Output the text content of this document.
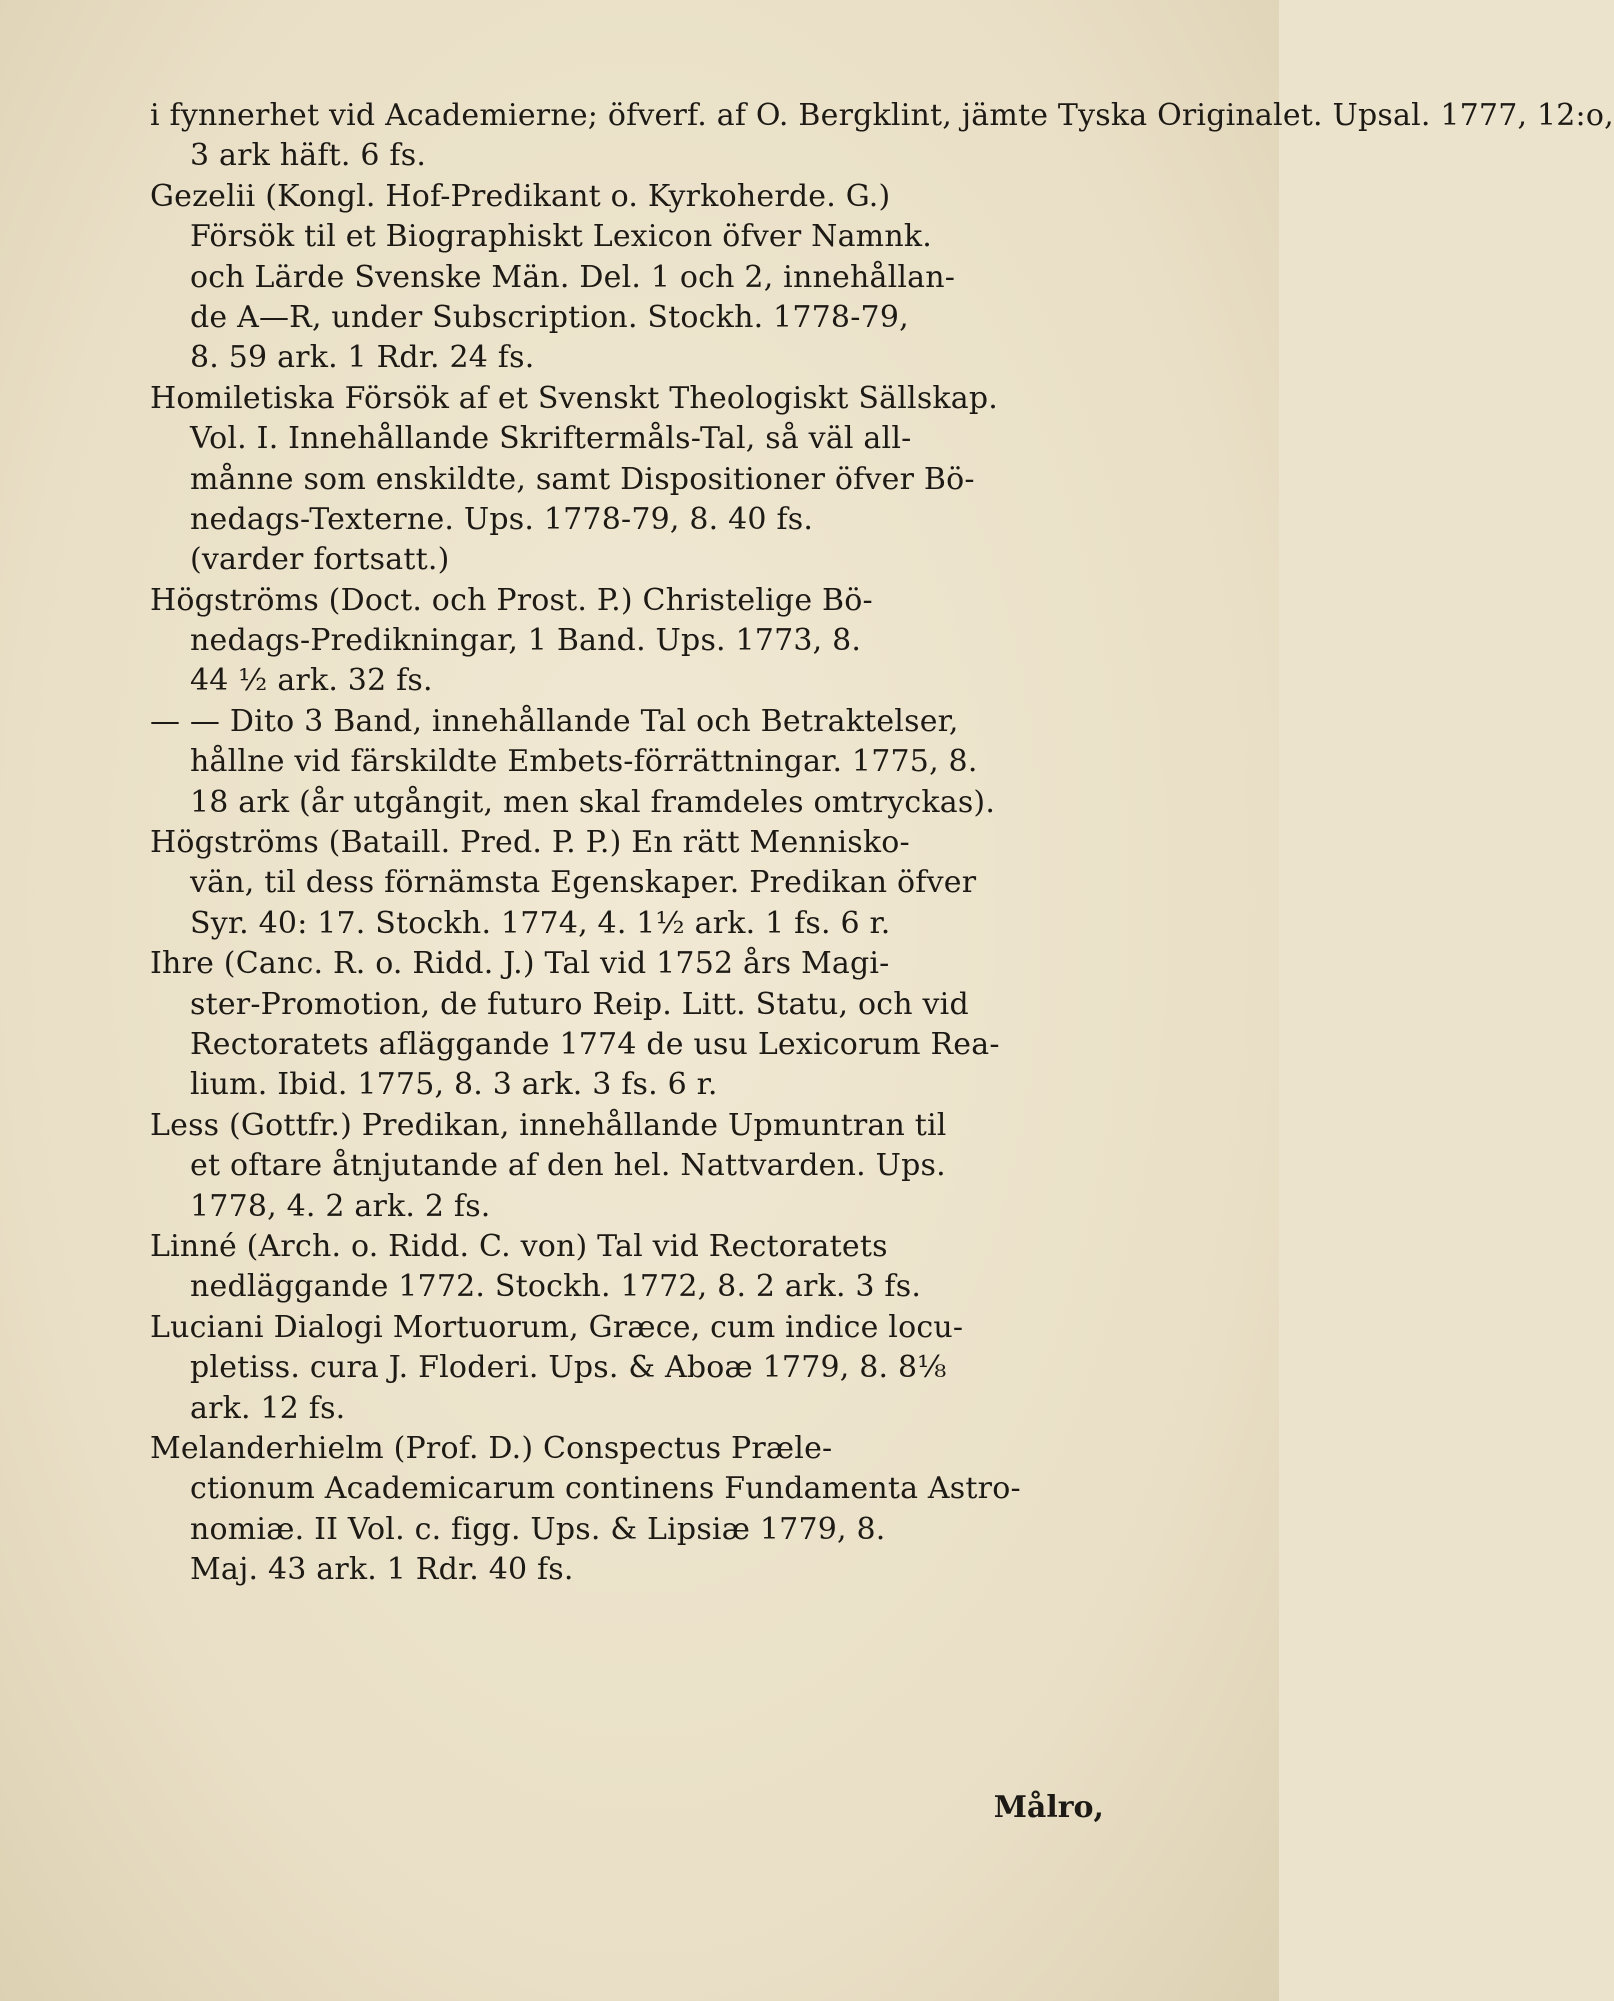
i fynnerhet vid Academierne; öfverf. af O. Bergklint, jämte Tyska Originalet. Upsal. 1777, 12:o,
3 ark häft. 6 fs.
Gezelii (Kongl. Hof-Predikant o. Kyrkoherde. G.)
Försök til et Biographiskt Lexicon öfver Namnk.
och Lärde Svenske Män. Del. 1 och 2, innehållan-
de A—R, under Subscription. Stockh. 1778-79,
8. 59 ark. 1 Rdr. 24 fs.
Homiletiska Försök af et Svenskt Theologiskt Sällskap.
Vol. I. Innehållande Skriftermåls-Tal, så väl all-
månne som enskildte, samt Dispositioner öfver Bö-
nedags-Texterne. Ups. 1778-79, 8. 40 fs.
(varder fortsatt.)
Högströms (Doct. och Prost. P.) Christelige Bö-
nedags-Predikningar, 1 Band. Ups. 1773, 8.
44 ½ ark. 32 fs.
— — Dito 3 Band, innehållande Tal och Betraktelser,
hållne vid färskildte Embets-förrättningar. 1775, 8.
18 ark (år utgångit, men skal framdeles omtryckas).
Högströms (Bataill. Pred. P. P.) En rätt Mennisko-
vän, til dess förnämsta Egenskaper. Predikan öfver
Syr. 40: 17. Stockh. 1774, 4. 1½ ark. 1 fs. 6 r.
Ihre (Canc. R. o. Ridd. J.) Tal vid 1752 års Magi-
ster-Promotion, de futuro Reip. Litt. Statu, och vid
Rectoratets afläggande 1774 de usu Lexicorum Rea-
lium. Ibid. 1775, 8. 3 ark. 3 fs. 6 r.
Less (Gottfr.) Predikan, innehållande Upmuntran til
et oftare åtnjutande af den hel. Nattvarden. Ups.
1778, 4. 2 ark. 2 fs.
Linné (Arch. o. Ridd. C. von) Tal vid Rectoratets
nedläggande 1772. Stockh. 1772, 8. 2 ark. 3 fs.
Luciani Dialogi Mortuorum, Græce, cum indice locu-
pletiss. cura J. Floderi. Ups. & Aboæ 1779, 8. 8⅛
ark. 12 fs.
Melanderhielm (Prof. D.) Conspectus Præle-
ctionum Academicarum continens Fundamenta Astro-
nomiæ. II Vol. c. figg. Ups. & Lipsiæ 1779, 8.
Maj. 43 ark. 1 Rdr. 40 fs.
Målro,
